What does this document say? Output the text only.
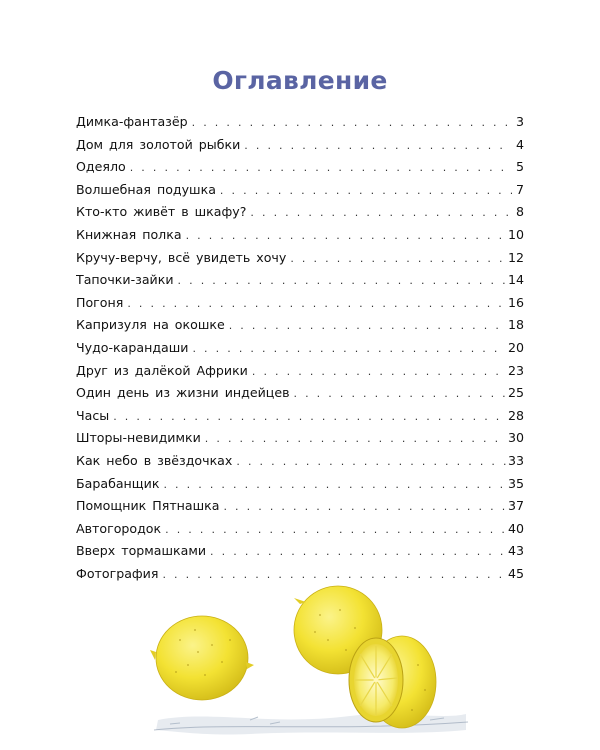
Оглавление
Димка-фантазёр . . .	3
Дом для золотой рыбки . . .	4
Одеяло . . .	5
Волшебная подушка . . .	7
Кто-кто живёт в шкафу? . . .	8
Книжная полка . . .	10
Кручу-верчу, всё увидеть хочу . . .	12
Тапочки-зайки . . .	14
Погоня . . .	16
Капризуля на окошке . . .	18
Чудо-карандаши . . .	20
Друг из далёкой Африки . . .	23
Один день из жизни индейцев . . .	25
Часы . . .	28
Шторы-невидимки . . .	30
Как небо в звёздочках . . .	33
Барабанщик . . .	35
Помощник Пятнашка . . .	37
Автогородок . . .	40
Вверх тормашками . . .	43
Фотография . . .	45
